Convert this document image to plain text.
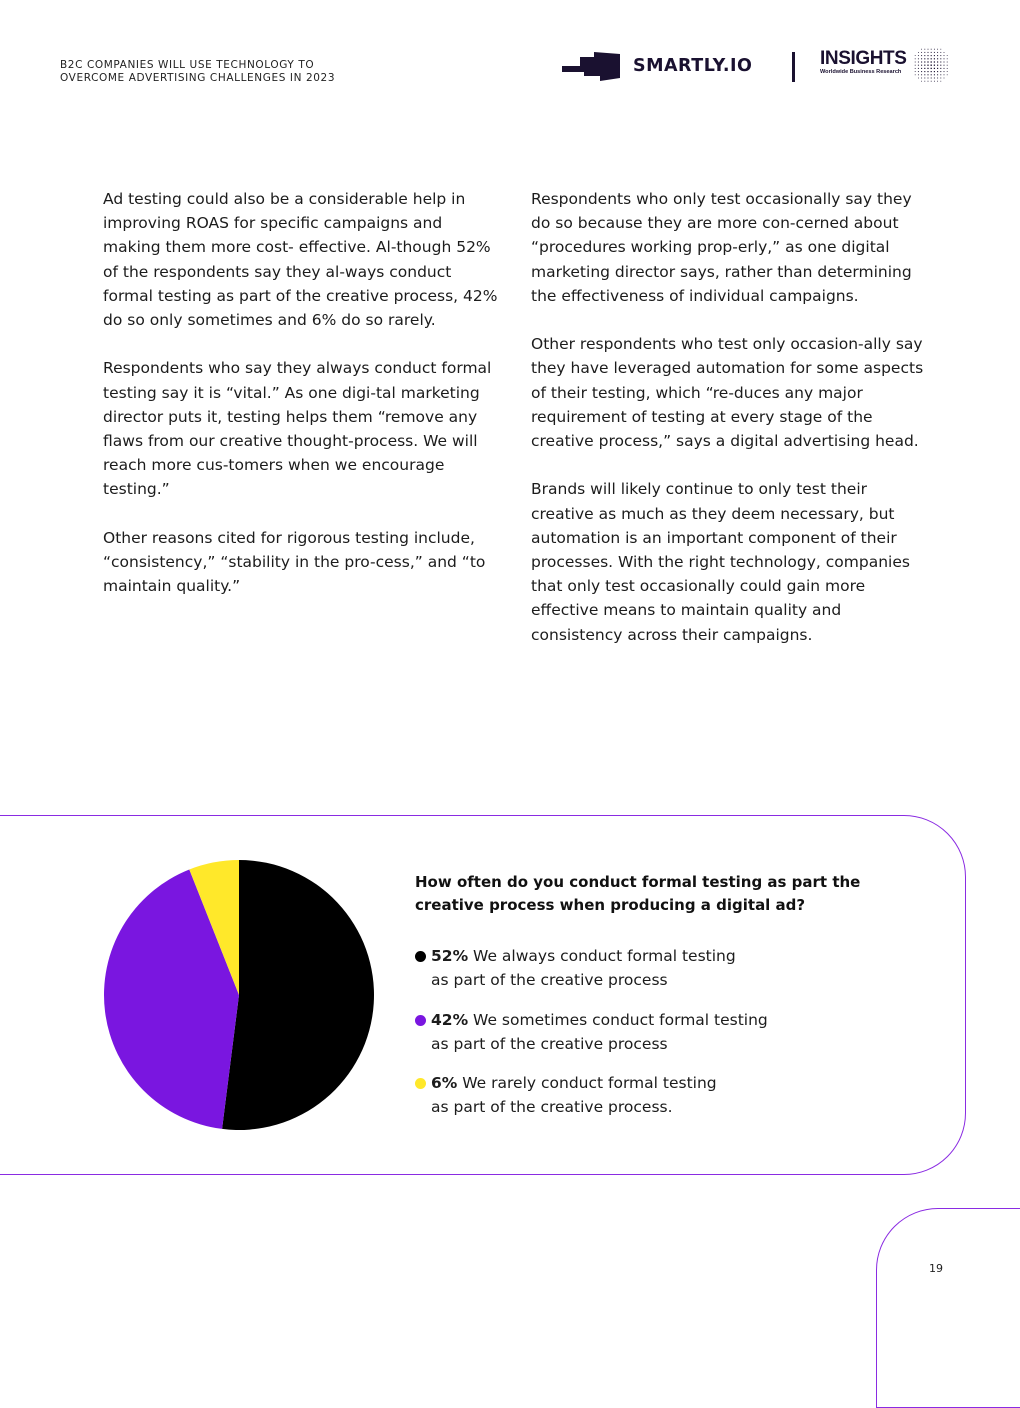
B2C COMPANIES WILL USE TECHNOLOGY TO
OVERCOME ADVERTISING CHALLENGES IN 2023
SMARTLY.IO	INSIGHTS
Worldwide Business Research

Ad testing could also be a considerable help in improving ROAS for specific campaigns and making them more cost- effective. Al-though 52% of the respondents say they al-ways conduct formal testing as part of the creative process, 42% do so only sometimes and 6% do so rarely.

Respondents who say they always conduct formal testing say it is “vital.” As one digi-tal marketing director puts it, testing helps them “remove any flaws from our creative thought-process. We will reach more cus-tomers when we encourage testing.”

Other reasons cited for rigorous testing include, “consistency,” “stability in the pro-cess,” and “to maintain quality.”

Respondents who only test occasionally say they do so because they are more con-cerned about “procedures working prop-erly,” as one digital marketing director says, rather than determining the effectiveness of individual campaigns.

Other respondents who test only occasion-ally say they have leveraged automation for some aspects of their testing, which “re-duces any major requirement of testing at every stage of the creative process,” says a digital advertising head.

Brands will likely continue to only test their creative as much as they deem necessary, but automation is an important component of their processes. With the right technology, companies that only test occasionally could gain more effective means to maintain quality and consistency across their campaigns.

How often do you conduct formal testing as part the creative process when producing a digital ad?
52% We always conduct formal testing
as part of the creative process
42% We sometimes conduct formal testing
as part of the creative process
6% We rarely conduct formal testing
as part of the creative process.
19
